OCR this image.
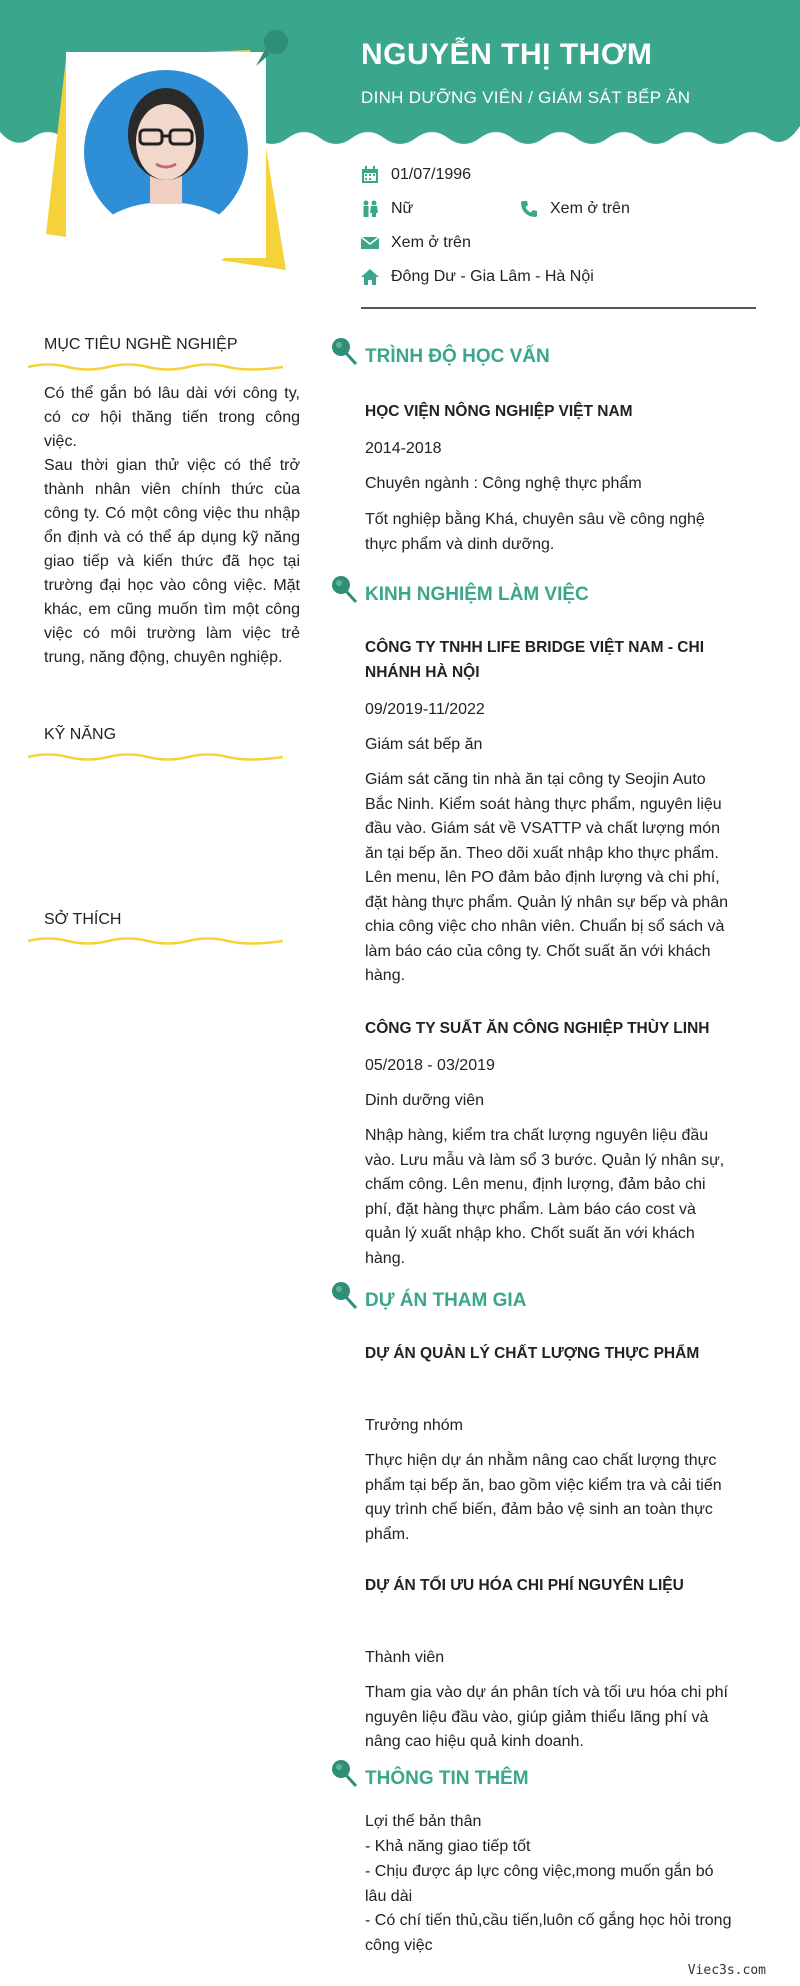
NGUYỄN THỊ THƠM
DINH DƯỠNG VIÊN / GIÁM SÁT BẾP ĂN
01/07/1996
Nữ	Xem ở trên
Xem ở trên
Đông Dư - Gia Lâm - Hà Nội
MỤC TIÊU NGHỀ NGHIỆP

Có thể gắn bó lâu dài với công ty, có cơ hội thăng tiến trong công việc.

Sau thời gian thử việc có thể trở thành nhân viên chính thức của công ty. Có một công việc thu nhập ổn định và có thể áp dụng kỹ năng giao tiếp và kiến thức đã học tại trường đại học vào công việc. Mặt khác, em cũng muốn tìm một công việc có môi trường làm việc trẻ trung, năng động, chuyên nghiệp.

KỸ NĂNG
SỞ THÍCH
TRÌNH ĐỘ HỌC VẤN
HỌC VIỆN NÔNG NGHIỆP VIỆT NAM
2014-2018
Chuyên ngành : Công nghệ thực phẩm
Tốt nghiệp bằng Khá, chuyên sâu về công nghệ thực phẩm và dinh dưỡng.
KINH NGHIỆM LÀM VIỆC
CÔNG TY TNHH LIFE BRIDGE VIỆT NAM - CHI NHÁNH HÀ NỘI
09/2019-11/2022
Giám sát bếp ăn
Giám sát căng tin nhà ăn tại công ty Seojin Auto Bắc Ninh. Kiểm soát hàng thực phẩm, nguyên liệu đầu vào. Giám sát về VSATTP và chất lượng món ăn tại bếp ăn. Theo dõi xuất nhập kho thực phẩm. Lên menu, lên PO đảm bảo định lượng và chi phí, đặt hàng thực phẩm. Quản lý nhân sự bếp và phân chia công việc cho nhân viên. Chuẩn bị sổ sách và làm báo cáo của công ty. Chốt suất ăn với khách hàng.
CÔNG TY SUẤT ĂN CÔNG NGHIỆP THÙY LINH
05/2018 - 03/2019
Dinh dưỡng viên
Nhập hàng, kiểm tra chất lượng nguyên liệu đầu vào. Lưu mẫu và làm sổ 3 bước. Quản lý nhân sự, chấm công. Lên menu, định lượng, đảm bảo chi phí, đặt hàng thực phẩm. Làm báo cáo cost và quản lý xuất nhập kho. Chốt suất ăn với khách hàng.
DỰ ÁN THAM GIA
DỰ ÁN QUẢN LÝ CHẤT LƯỢNG THỰC PHẨM
Trưởng nhóm
Thực hiện dự án nhằm nâng cao chất lượng thực phẩm tại bếp ăn, bao gồm việc kiểm tra và cải tiến quy trình chế biến, đảm bảo vệ sinh an toàn thực phẩm.
DỰ ÁN TỐI ƯU HÓA CHI PHÍ NGUYÊN LIỆU
Thành viên
Tham gia vào dự án phân tích và tối ưu hóa chi phí nguyên liệu đầu vào, giúp giảm thiểu lãng phí và nâng cao hiệu quả kinh doanh.
THÔNG TIN THÊM
Lợi thế bản thân
- Khả năng giao tiếp tốt
- Chịu được áp lực công việc,mong muốn gắn bó lâu dài
- Có chí tiến thủ,cầu tiến,luôn cố gắng học hỏi trong công việc
Viec3s.com
